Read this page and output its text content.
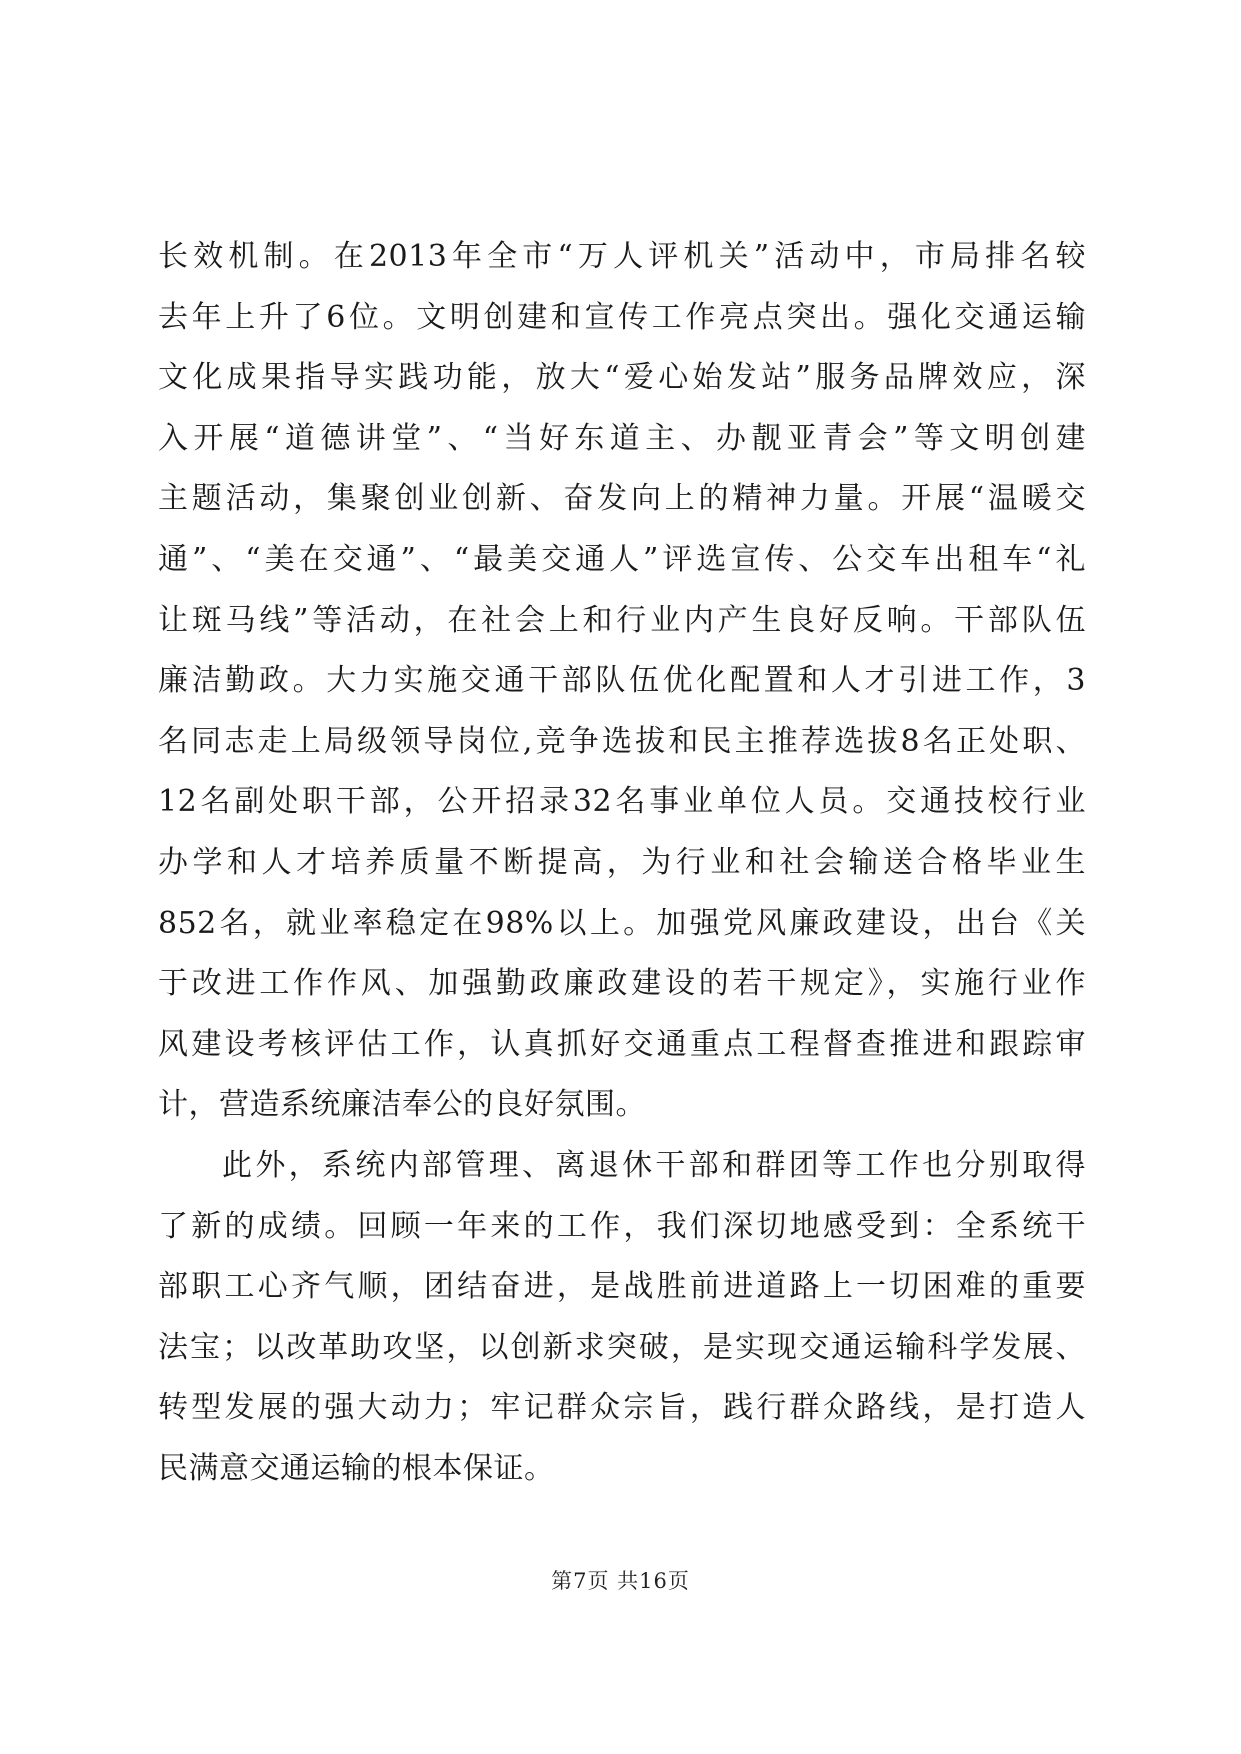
长效机制。在2013年全市“万人评机关”活动中，市局排名较
去年上升了6位。文明创建和宣传工作亮点突出。强化交通运输
文化成果指导实践功能，放大“爱心始发站”服务品牌效应，深
入开展“道德讲堂”、“当好东道主、办靓亚青会”等文明创建
主题活动，集聚创业创新、奋发向上的精神力量。开展“温暖交
通”、“美在交通”、“最美交通人”评选宣传、公交车出租车“礼
让斑马线”等活动，在社会上和行业内产生良好反响。干部队伍
廉洁勤政。大力实施交通干部队伍优化配置和人才引进工作，3
名同志走上局级领导岗位,竞争选拔和民主推荐选拔8名正处职、
12名副处职干部，公开招录32名事业单位人员。交通技校行业
办学和人才培养质量不断提高，为行业和社会输送合格毕业生
852名，就业率稳定在98%以上。加强党风廉政建设，出台《关
于改进工作作风、加强勤政廉政建设的若干规定》，实施行业作
风建设考核评估工作，认真抓好交通重点工程督查推进和跟踪审
计，营造系统廉洁奉公的良好氛围。
此外，系统内部管理、离退休干部和群团等工作也分别取得
了新的成绩。回顾一年来的工作，我们深切地感受到：全系统干
部职工心齐气顺，团结奋进，是战胜前进道路上一切困难的重要
法宝；以改革助攻坚，以创新求突破，是实现交通运输科学发展、
转型发展的强大动力；牢记群众宗旨，践行群众路线，是打造人
民满意交通运输的根本保证。
第7页 共16页
